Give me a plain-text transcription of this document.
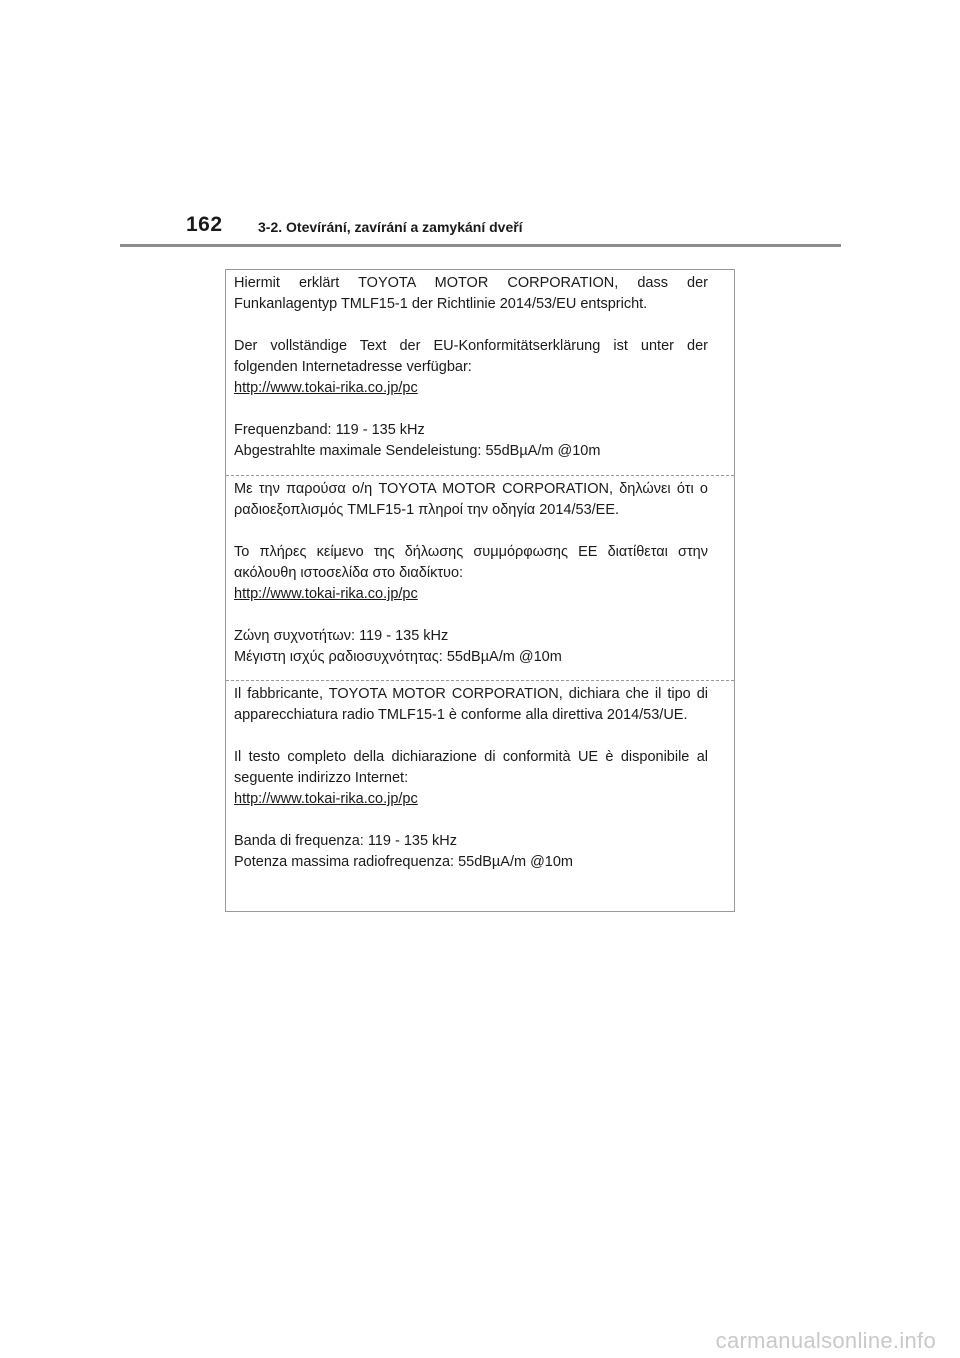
162	3-2. Otevírání, zavírání a zamykání dveří

Hiermit erklärt TOYOTA MOTOR CORPORATION, dass der Funkanlagentyp TMLF15-1 der Richtlinie 2014/53/EU entspricht.

Der vollständige Text der EU-Konformitätserklärung ist unter der folgenden Internetadresse verfügbar:

http://www.tokai-rika.co.jp/pc

Frequenzband: 119 - 135 kHz

Abgestrahlte maximale Sendeleistung: 55dBµA/m @10m

Με την παρούσα ο/η TOYOTA MOTOR CORPORATION, δηλώνει ότι ο ραδιοεξοπλισμός TMLF15-1 πληροί την οδηγία 2014/53/ΕΕ.

Το πλήρες κείμενο της δήλωσης συμμόρφωσης ΕΕ διατίθεται στην ακόλουθη ιστοσελίδα στο διαδίκτυο:

http://www.tokai-rika.co.jp/pc

Ζώνη συχνοτήτων: 119 - 135 kHz

Μέγιστη ισχύς ραδιοσυχνότητας: 55dBµA/m @10m

Il fabbricante, TOYOTA MOTOR CORPORATION, dichiara che il tipo di apparecchiatura radio TMLF15-1 è conforme alla direttiva 2014/53/UE.

Il testo completo della dichiarazione di conformità UE è disponibile al seguente indirizzo Internet:

http://www.tokai-rika.co.jp/pc

Banda di frequenza: 119 - 135 kHz

Potenza massima radiofrequenza: 55dBµA/m @10m

carmanualsonline.info
